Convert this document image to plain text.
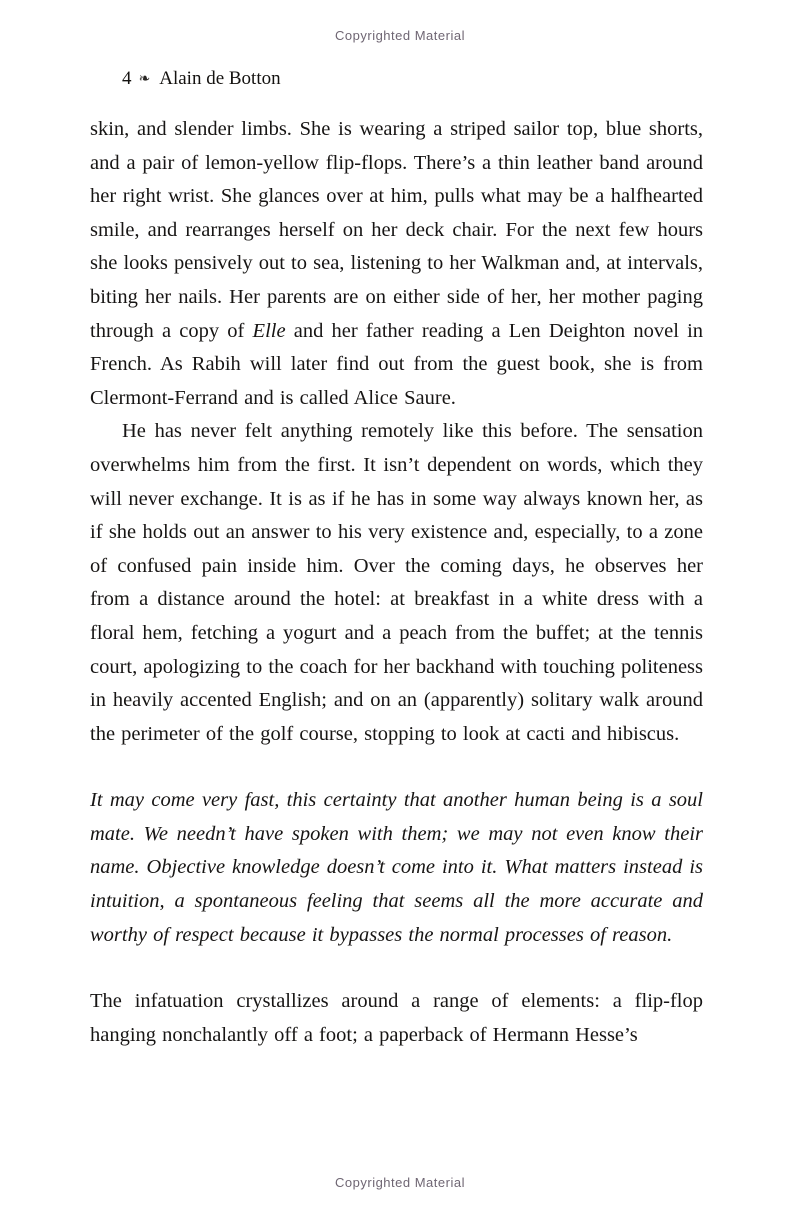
Copyrighted Material
4 ❧ Alain de Botton

skin, and slender limbs. She is wearing a striped sailor top, blue shorts, and a pair of lemon-yellow flip-flops. There’s a thin leather band around her right wrist. She glances over at him, pulls what may be a halfhearted smile, and rearranges herself on her deck chair. For the next few hours she looks pensively out to sea, listening to her Walkman and, at intervals, biting her nails. Her parents are on either side of her, her mother paging through a copy of Elle and her father reading a Len Deighton novel in French. As Rabih will later find out from the guest book, she is from Clermont-Ferrand and is called Alice Saure.

He has never felt anything remotely like this before. The sensation overwhelms him from the first. It isn’t dependent on words, which they will never exchange. It is as if he has in some way always known her, as if she holds out an answer to his very existence and, especially, to a zone of confused pain inside him. Over the coming days, he observes her from a distance around the hotel: at breakfast in a white dress with a floral hem, fetching a yogurt and a peach from the buffet; at the tennis court, apologizing to the coach for her backhand with touching politeness in heavily accented English; and on an (apparently) solitary walk around the perimeter of the golf course, stopping to look at cacti and hibiscus.

It may come very fast, this certainty that another human being is a soul mate. We needn’t have spoken with them; we may not even know their name. Objective knowledge doesn’t come into it. What matters instead is intuition, a spontaneous feeling that seems all the more accurate and worthy of respect because it bypasses the normal processes of reason.

The infatuation crystallizes around a range of elements: a flip-flop hanging nonchalantly off a foot; a paperback of Hermann Hesse’s

Copyrighted Material
